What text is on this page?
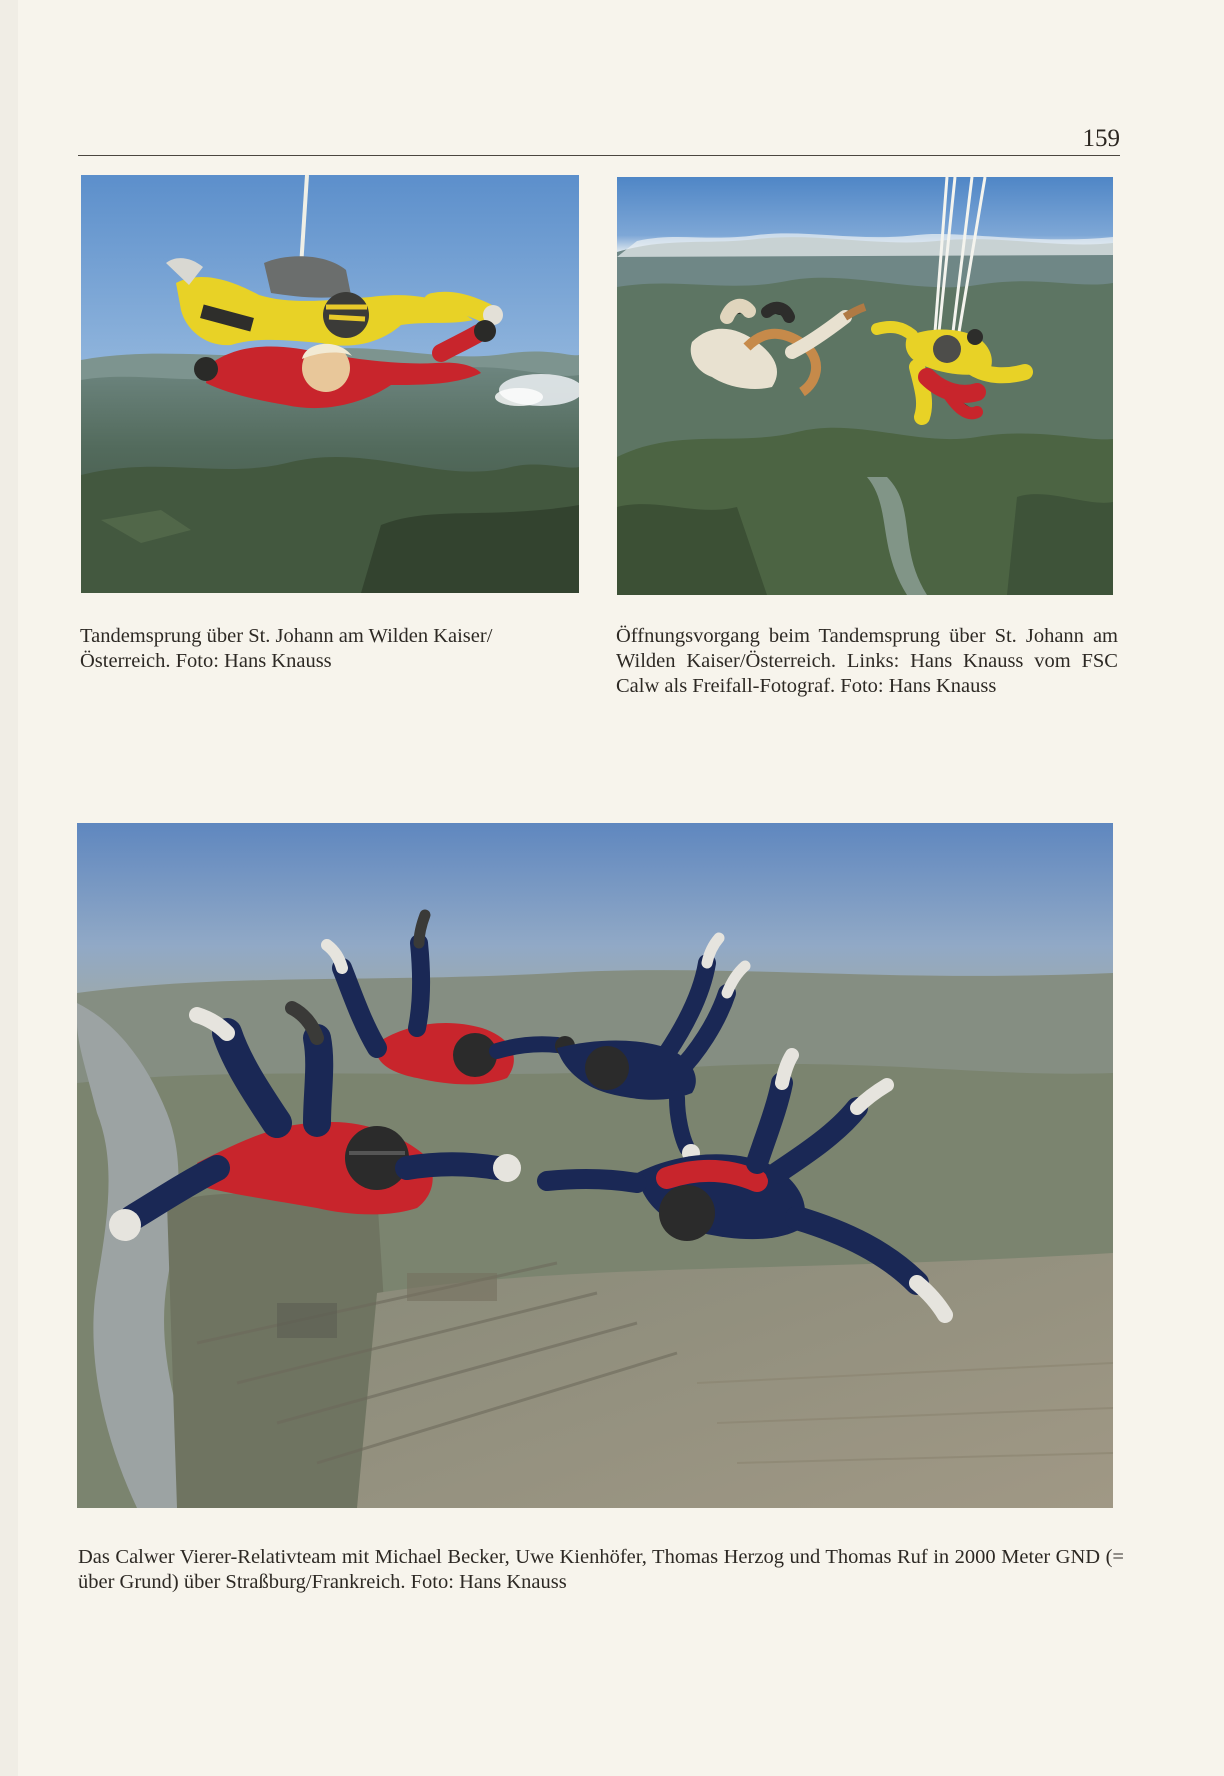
159
Tandemsprung über St. Johann am Wilden Kaiser/ Österreich. Foto: Hans Knauss
Öffnungsvorgang beim Tandemsprung über St. Johann am Wilden Kaiser/Österreich. Links: Hans Knauss vom FSC Calw als Freifall-Fotograf. Foto: Hans Knauss
Das Calwer Vierer-Relativteam mit Michael Becker, Uwe Kienhöfer, Thomas Herzog und Thomas Ruf in 2000 Meter GND (= über Grund) über Straßburg/Frankreich. Foto: Hans Knauss
